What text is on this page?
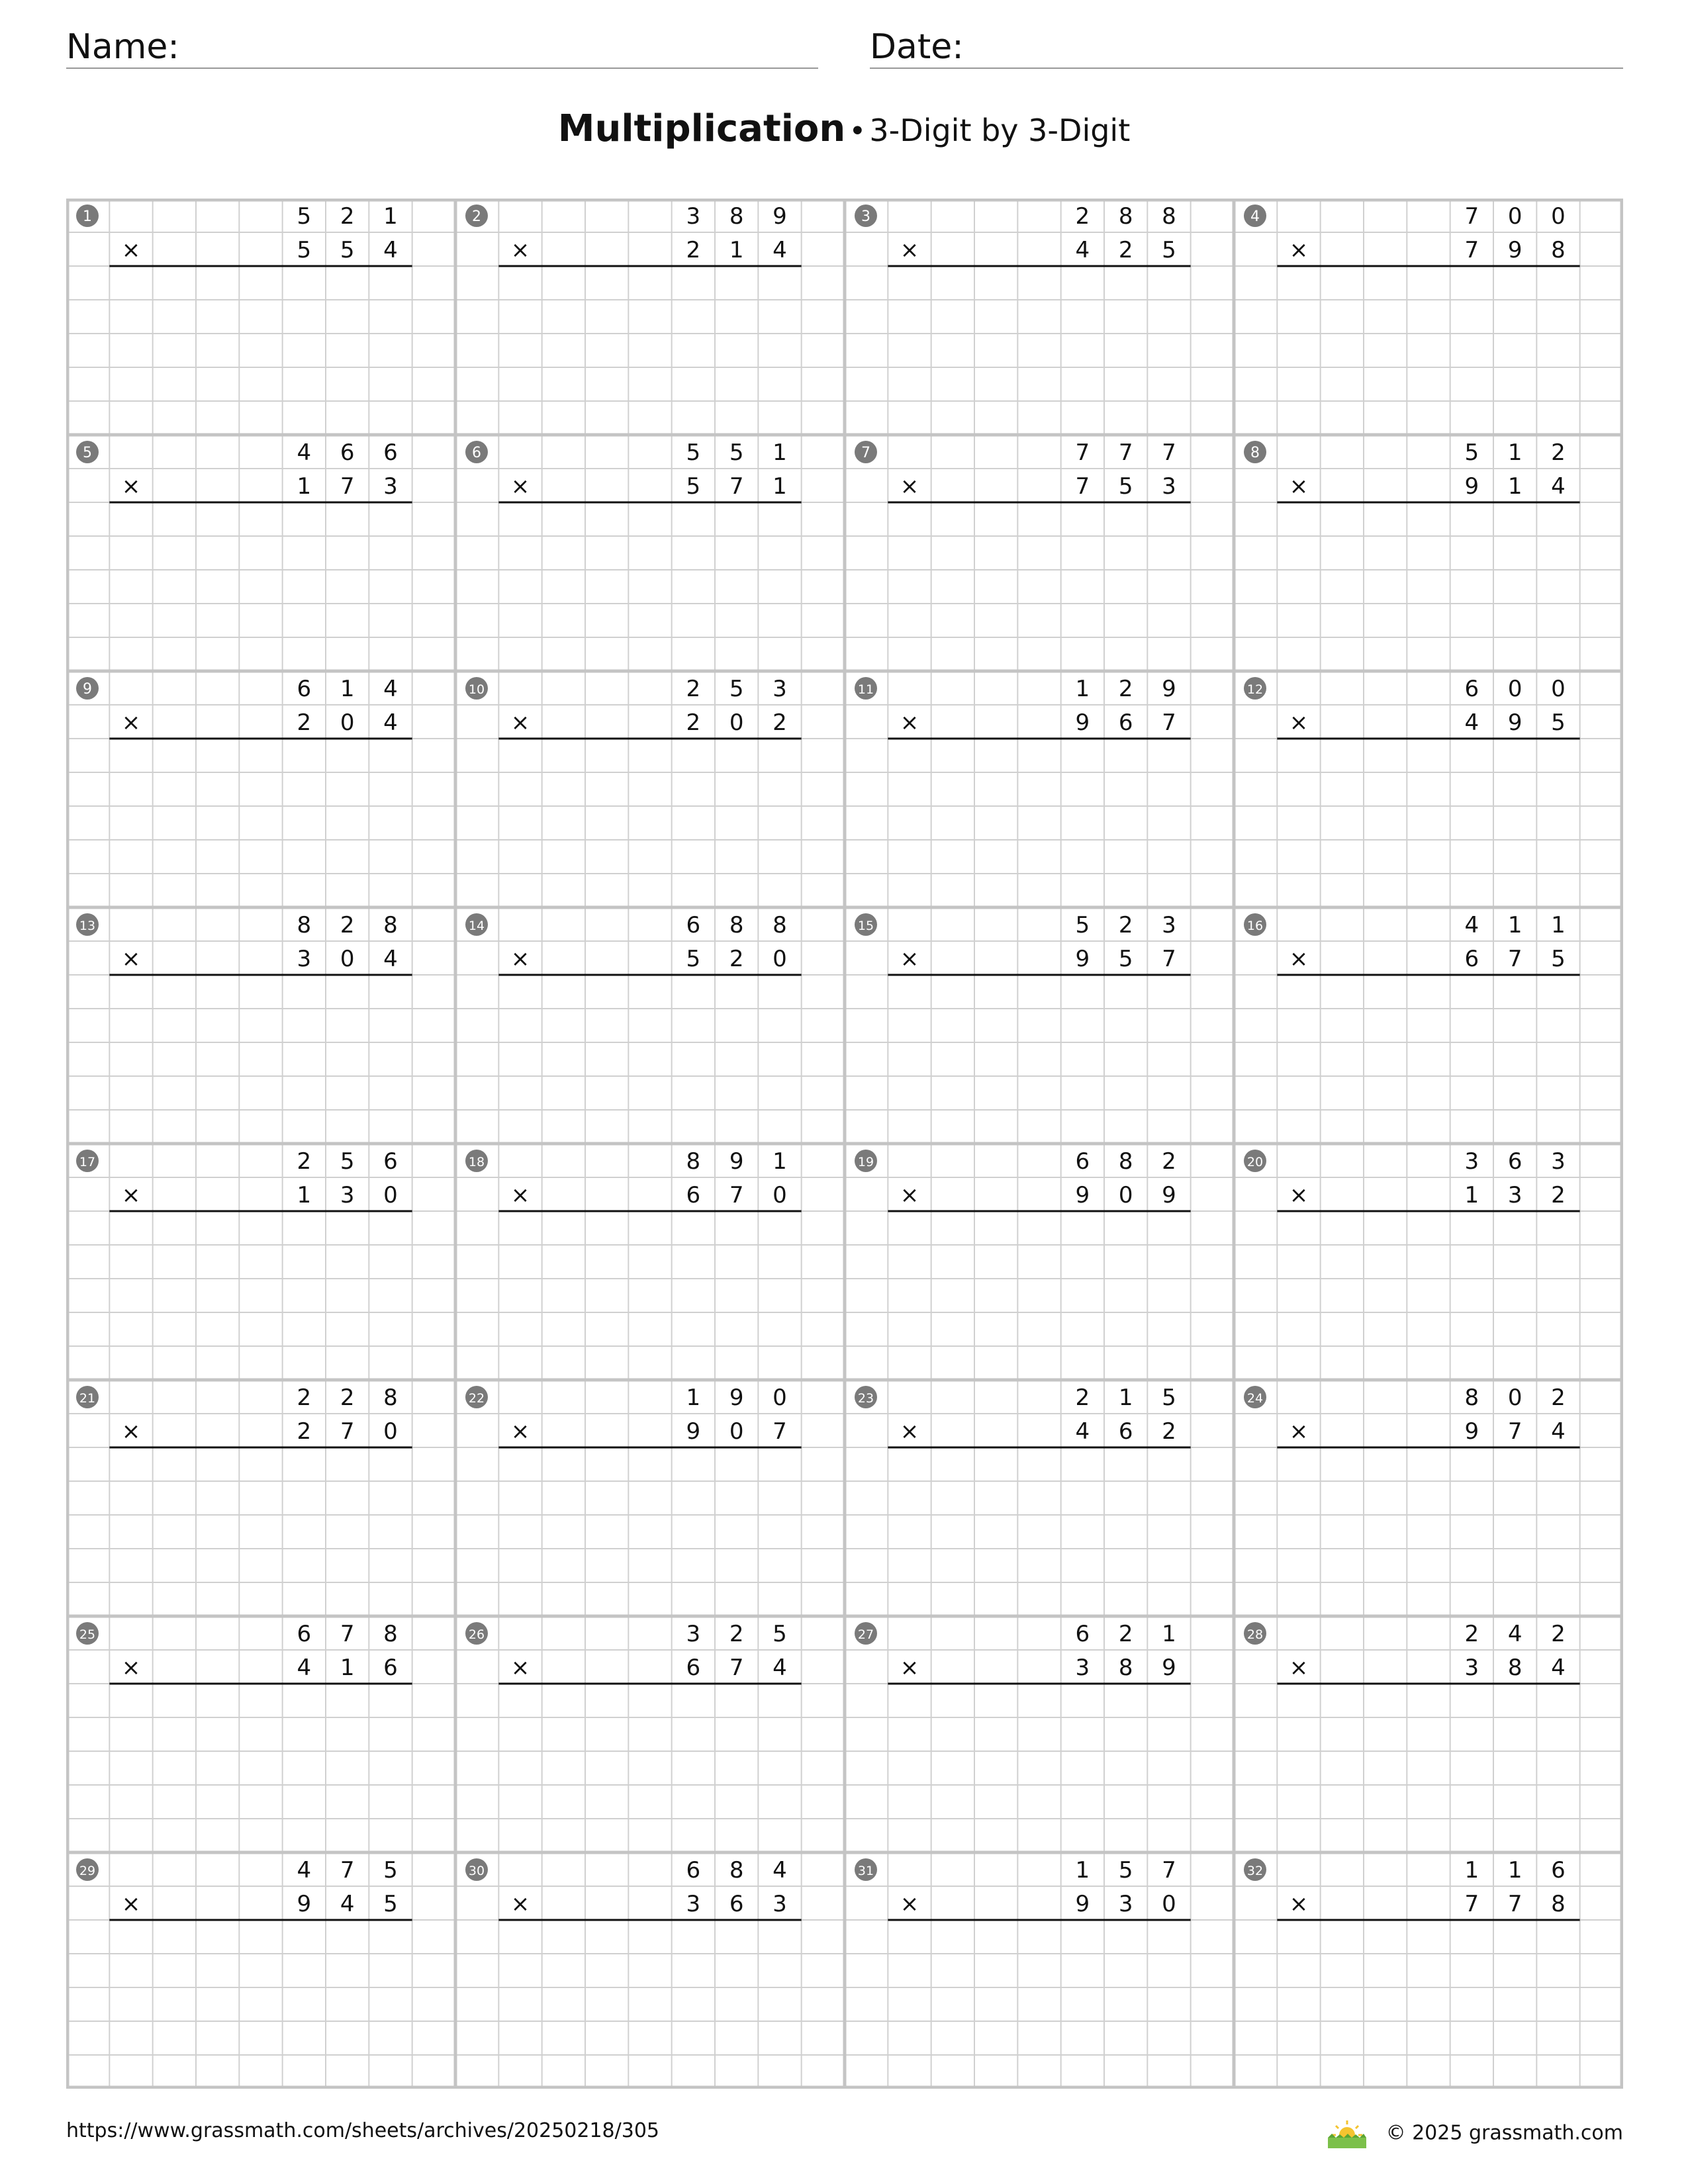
Name:	Date:
Multiplication • 3-Digit by 3-Digit
1	5 2 1
5 5 4
×
2	3 8 9
2 1 4
×
3	2 8 8
4 2 5
×
4	7 0 0
7 9 8
×
5	4 6 6
1 7 3
×
6	5 5 1
5 7 1
×
7	7 7 7
7 5 3
×
8	5 1 2
9 1 4
×
9	6 1 4
2 0 4
×
10	2 5 3
2 0 2
×
11	1 2 9
9 6 7
×
12	6 0 0
4 9 5
×
13	8 2 8
3 0 4
×
14	6 8 8
5 2 0
×
15	5 2 3
9 5 7
×
16	4 1 1
6 7 5
×
17	2 5 6
1 3 0
×
18	8 9 1
6 7 0
×
19	6 8 2
9 0 9
×
20	3 6 3
1 3 2
×
21	2 2 8
2 7 0
×
22	1 9 0
9 0 7
×
23	2 1 5
4 6 2
×
24	8 0 2
9 7 4
×
25	6 7 8
4 1 6
×
26	3 2 5
6 7 4
×
27	6 2 1
3 8 9
×
28	2 4 2
3 8 4
×
29	4 7 5
9 4 5
×
30	6 8 4
3 6 3
×
31	1 5 7
9 3 0
×
32	1 1 6
7 7 8
×
https://www.grassmath.com/sheets/archives/20250218/305	© 2025 grassmath.com
